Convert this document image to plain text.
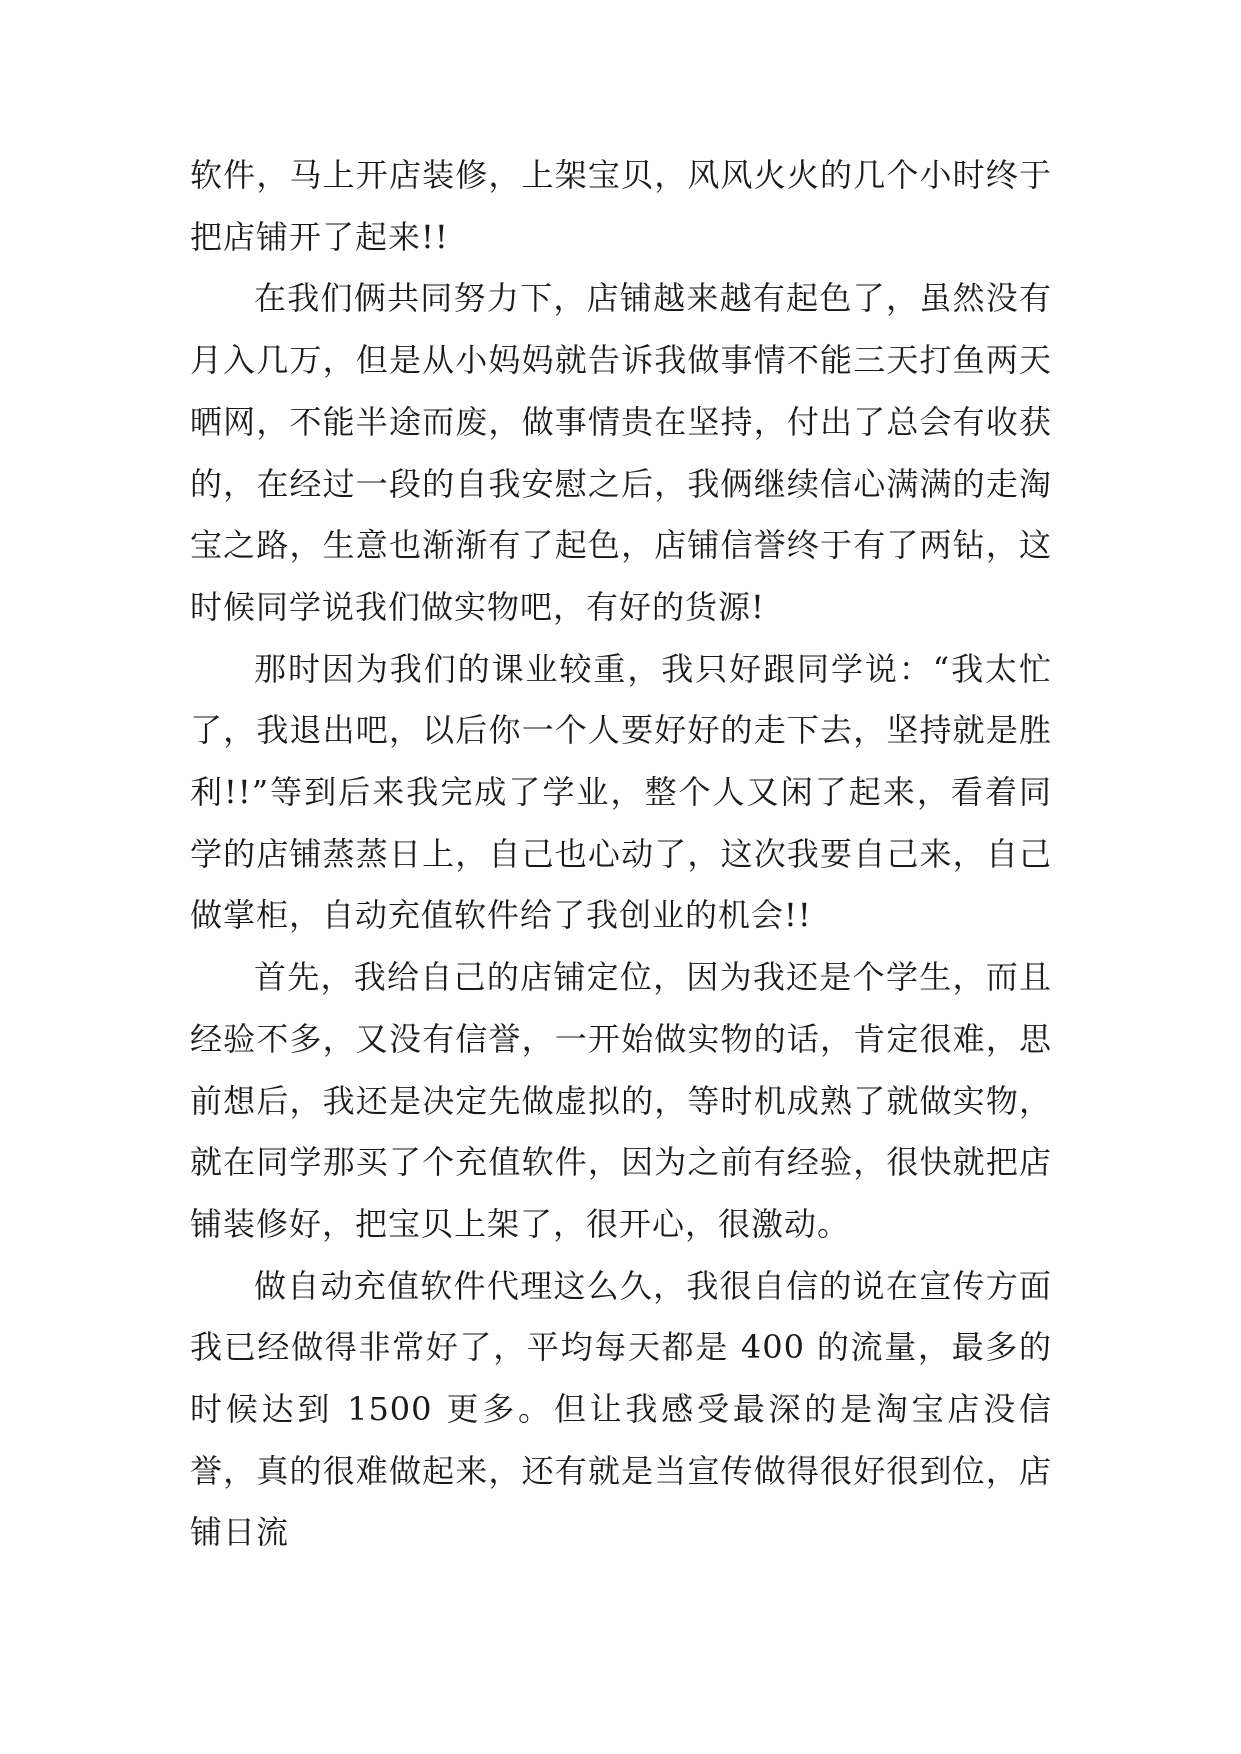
软件，马上开店装修，上架宝贝，风风火火的几个小时终于把店铺开了起来!!

在我们俩共同努力下，店铺越来越有起色了，虽然没有月入几万，但是从小妈妈就告诉我做事情不能三天打鱼两天晒网，不能半途而废，做事情贵在坚持，付出了总会有收获的，在经过一段的自我安慰之后，我俩继续信心满满的走淘宝之路，生意也渐渐有了起色，店铺信誉终于有了两钻，这时候同学说我们做实物吧，有好的货源!

那时因为我们的课业较重，我只好跟同学说：“我太忙了，我退出吧，以后你一个人要好好的走下去，坚持就是胜利!!”等到后来我完成了学业，整个人又闲了起来，看着同学的店铺蒸蒸日上，自己也心动了，这次我要自己来，自己做掌柜，自动充值软件给了我创业的机会!!

首先，我给自己的店铺定位，因为我还是个学生，而且经验不多，又没有信誉，一开始做实物的话，肯定很难，思前想后，我还是决定先做虚拟的，等时机成熟了就做实物，就在同学那买了个充值软件，因为之前有经验，很快就把店铺装修好，把宝贝上架了，很开心，很激动。

做自动充值软件代理这么久，我很自信的说在宣传方面我已经做得非常好了，平均每天都是 400 的流量，最多的时候达到 1500 更多。但让我感受最深的是淘宝店没信誉，真的很难做起来，还有就是当宣传做得很好很到位，店铺日流
